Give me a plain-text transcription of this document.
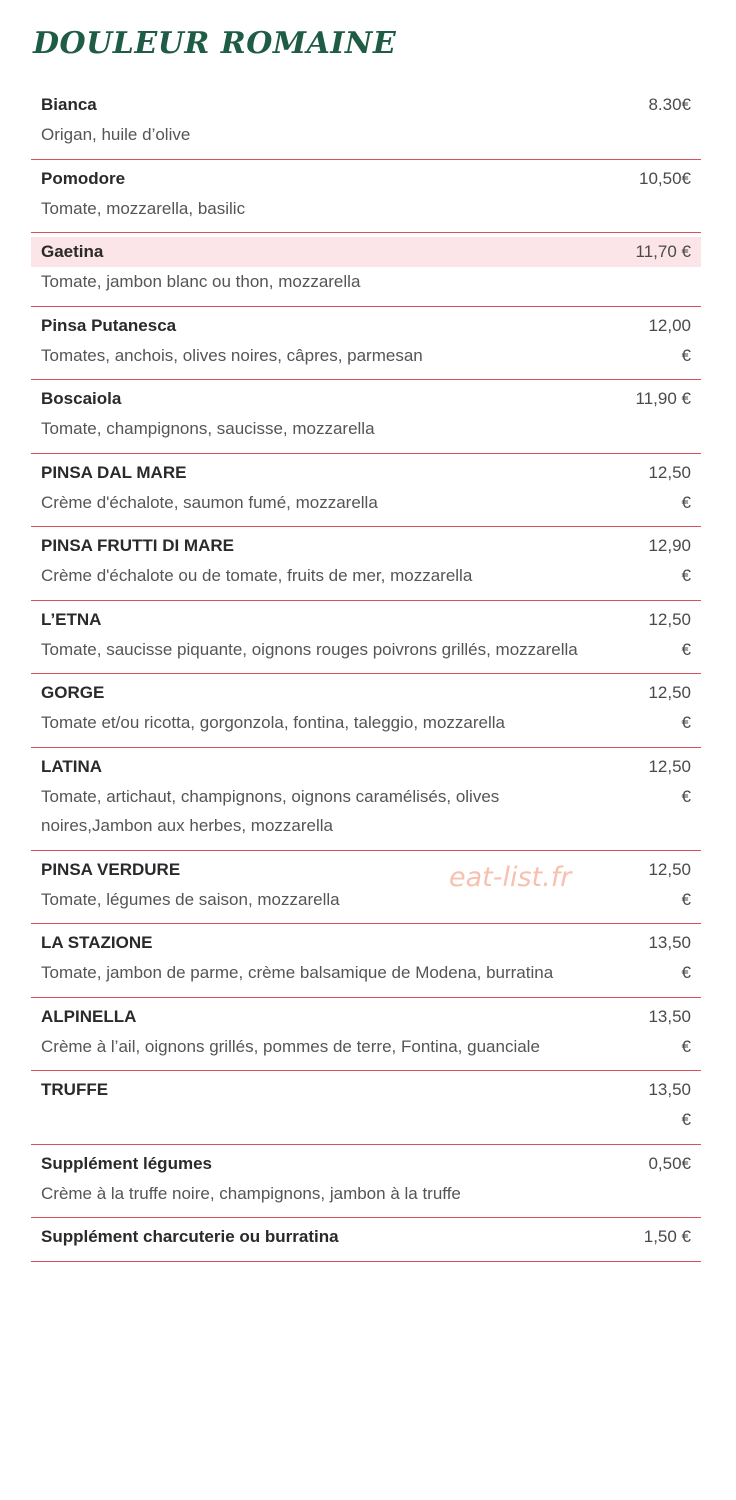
DOULEUR ROMAINE
Bianca	8.30€
Origan, huile d’olive
Pomodore	10,50€
Tomate, mozzarella, basilic
Gaetina	11,70 €
Tomate, jambon blanc ou thon, mozzarella
Pinsa Putanesca	12,00
Tomates, anchois, olives noires, câpres, parmesan	€
Boscaiola	11,90 €
Tomate, champignons, saucisse, mozzarella
PINSA DAL MARE	12,50
Crème d'échalote, saumon fumé, mozzarella	€
PINSA FRUTTI DI MARE	12,90
Crème d'échalote ou de tomate, fruits de mer, mozzarella	€
L’ETNA	12,50
Tomate, saucisse piquante, oignons rouges poivrons grillés, mozzarella	€
GORGE	12,50
Tomate et/ou ricotta, gorgonzola, fontina, taleggio, mozzarella	€
LATINA	12,50
Tomate, artichaut, champignons, oignons caramélisés, olives noires,Jambon aux herbes, mozzarella
€
PINSA VERDURE	12,50
Tomate, légumes de saison, mozzarella	€
LA STAZIONE	13,50
Tomate, jambon de parme, crème balsamique de Modena, burratina	€
ALPINELLA	13,50
Crème à l’ail, oignons grillés, pommes de terre, Fontina, guanciale	€
TRUFFE	13,50
€
Supplément légumes	0,50€
Crème à la truffe noire, champignons, jambon à la truffe
Supplément charcuterie ou burratina	1,50 €
eat-list.fr
